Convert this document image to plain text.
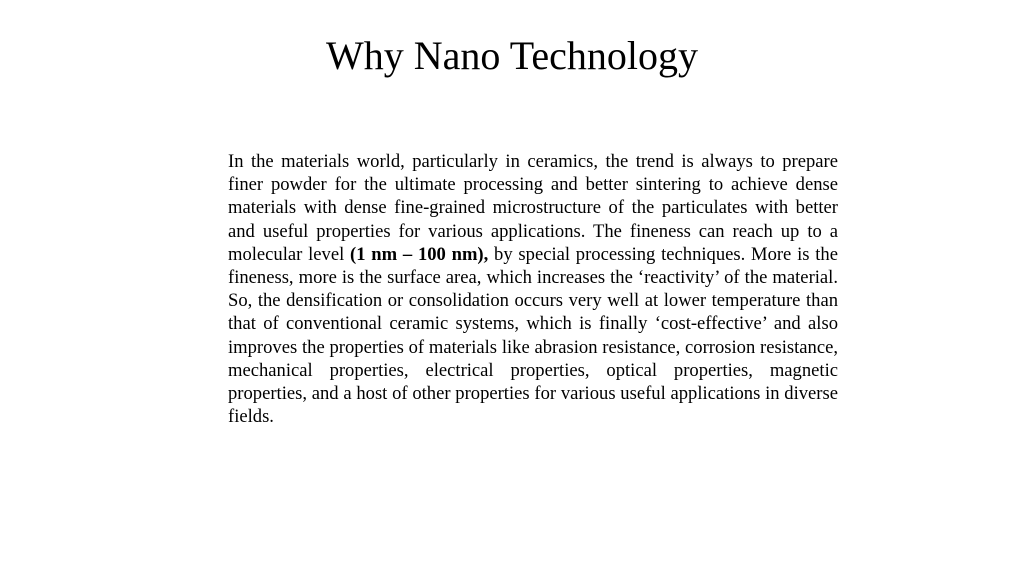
Why Nano Technology

In the materials world, particularly in ceramics, the trend is always to prepare finer powder for the ultimate processing and better sintering to achieve dense materials with dense fine-grained microstructure of the particulates with better and useful properties for various applications. The fineness can reach up to a molecular level (1 nm – 100 nm), by special processing techniques. More is the fineness, more is the surface area, which increases the ‘reactivity’ of the material. So, the densification or consolidation occurs very well at lower temperature than that of conventional ceramic systems, which is finally ‘cost-effective’ and also improves the properties of materials like abrasion resistance, corrosion resistance, mechanical properties, electrical properties, optical properties, magnetic properties, and a host of other properties for various useful applications in diverse fields.
